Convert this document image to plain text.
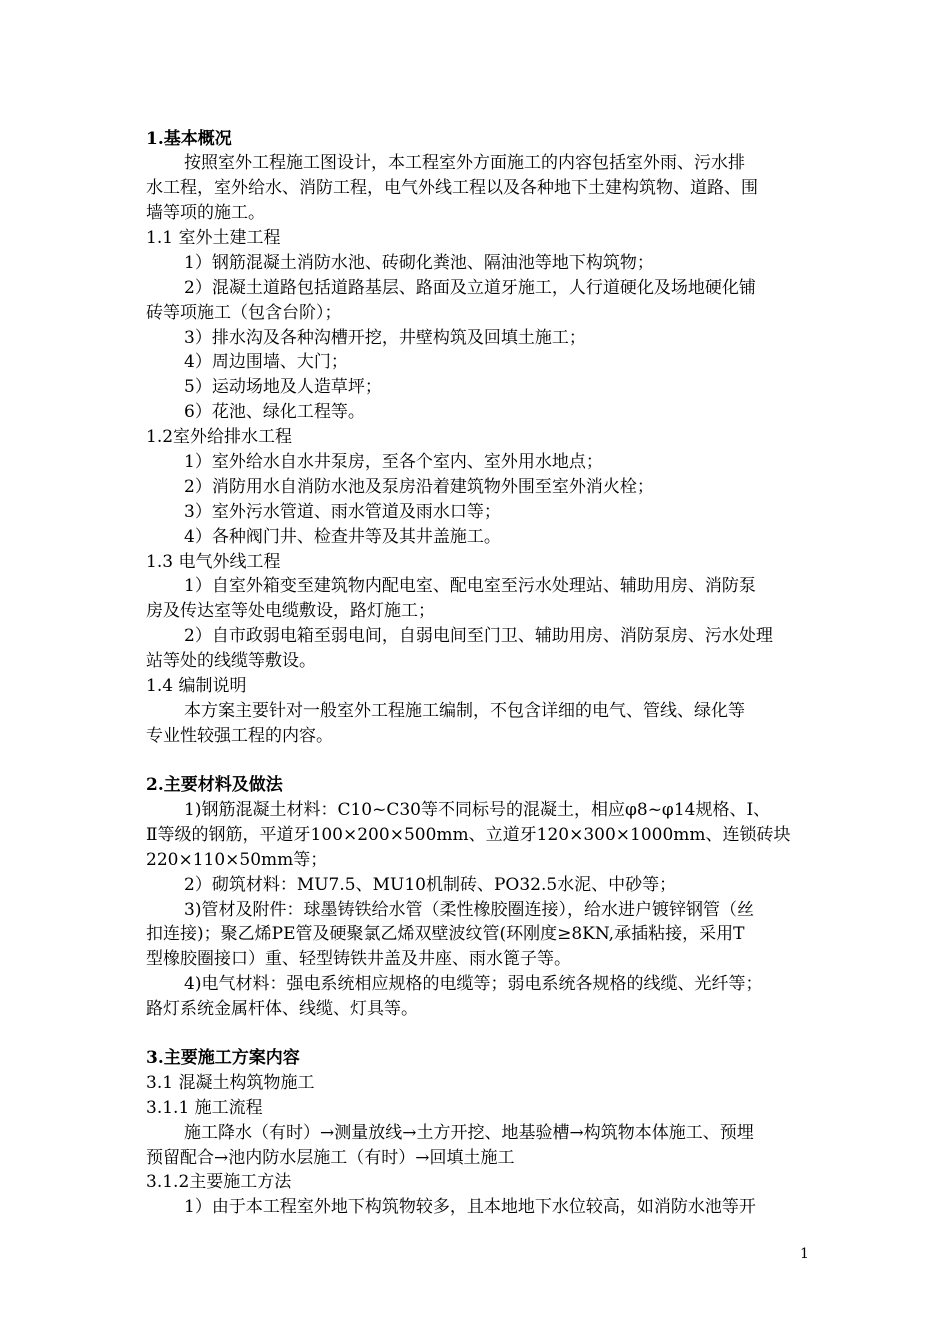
1.基本概况
按照室外工程施工图设计，本工程室外方面施工的内容包括室外雨、污水排
水工程，室外给水、消防工程，电气外线工程以及各种地下土建构筑物、道路、围
墙等项的施工。
1.1 室外土建工程
1）钢筋混凝土消防水池、砖砌化粪池、隔油池等地下构筑物；
2）混凝土道路包括道路基层、路面及立道牙施工，人行道硬化及场地硬化铺
砖等项施工（包含台阶）；
3）排水沟及各种沟槽开挖，井壁构筑及回填土施工；
4）周边围墙、大门；
5）运动场地及人造草坪；
6）花池、绿化工程等。
1.2室外给排水工程
1）室外给水自水井泵房，至各个室内、室外用水地点；
2）消防用水自消防水池及泵房沿着建筑物外围至室外消火栓；
3）室外污水管道、雨水管道及雨水口等；
4）各种阀门井、检查井等及其井盖施工。
1.3 电气外线工程
1）自室外箱变至建筑物内配电室、配电室至污水处理站、辅助用房、消防泵
房及传达室等处电缆敷设，路灯施工；
2）自市政弱电箱至弱电间，自弱电间至门卫、辅助用房、消防泵房、污水处理
站等处的线缆等敷设。
1.4 编制说明
本方案主要针对一般室外工程施工编制，不包含详细的电气、管线、绿化等
专业性较强工程的内容。
2.主要材料及做法
1)钢筋混凝土材料：C10~C30等不同标号的混凝土，相应φ8~φ14规格、Ⅰ、
Ⅱ等级的钢筋，平道牙100×200×500mm、立道牙120×300×1000mm、连锁砖块
220×110×50mm等；
2）砌筑材料：MU7.5、MU10机制砖、PO32.5水泥、中砂等；
3)管材及附件：球墨铸铁给水管（柔性橡胶圈连接），给水进户镀锌钢管（丝
扣连接)；聚乙烯PE管及硬聚氯乙烯双壁波纹管(环刚度≥8KN,承插粘接，采用T
型橡胶圈接口）重、轻型铸铁井盖及井座、雨水篦子等。
4)电气材料：强电系统相应规格的电缆等；弱电系统各规格的线缆、光纤等；
路灯系统金属杆体、线缆、灯具等。
3.主要施工方案内容
3.1 混凝土构筑物施工
3.1.1 施工流程
施工降水（有时）→测量放线→土方开挖、地基验槽→构筑物本体施工、预埋
预留配合→池内防水层施工（有时）→回填土施工
3.1.2主要施工方法
1）由于本工程室外地下构筑物较多，且本地地下水位较高，如消防水池等开
1
